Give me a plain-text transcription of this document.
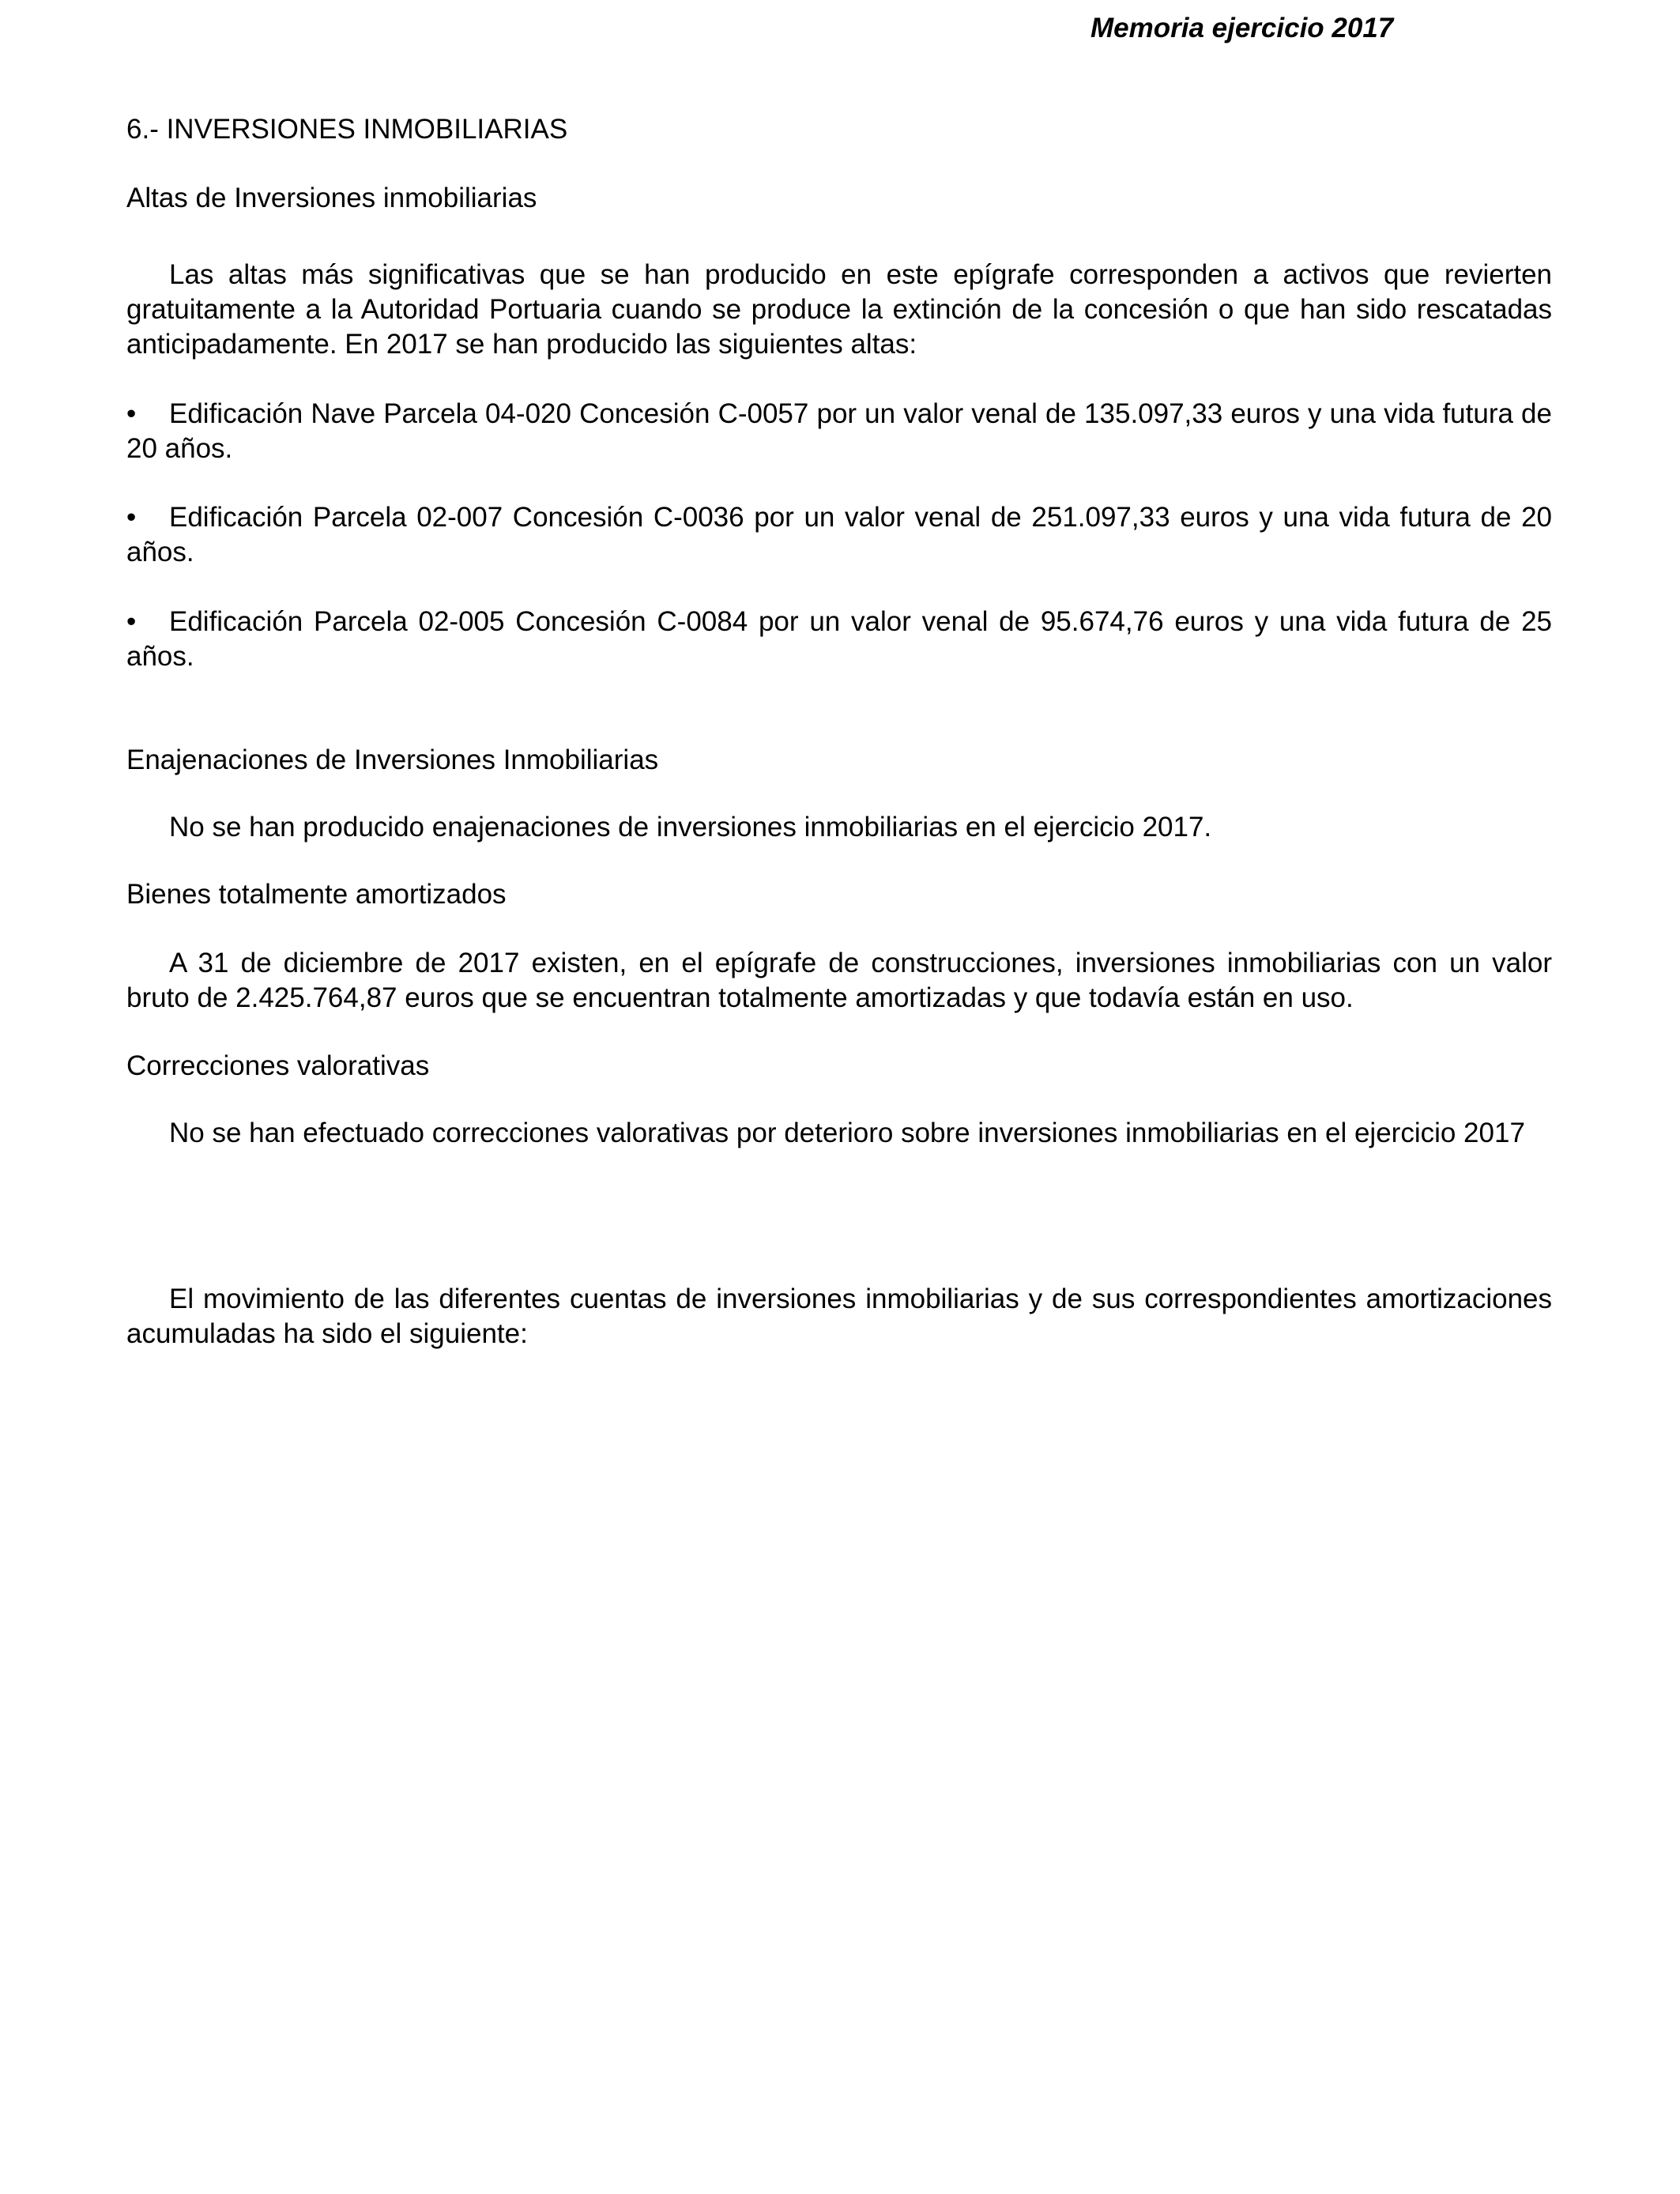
Memoria ejercicio 2017
6.- INVERSIONES INMOBILIARIAS
Altas de Inversiones inmobiliarias
Las altas más significativas que se han producido en este epígrafe corresponden a activos que revierten gratuitamente a la Autoridad Portuaria cuando se produce la extinción de la concesión o que han sido rescatadas anticipadamente. En 2017 se han producido las siguientes altas:
• Edificación Nave Parcela 04-020 Concesión C-0057 por un valor venal de 135.097,33 euros y una vida futura de 20 años.
• Edificación Parcela 02-007 Concesión C-0036 por un valor venal de 251.097,33 euros y una vida futura de 20 años.
• Edificación Parcela 02-005 Concesión C-0084 por un valor venal de 95.674,76 euros y una vida futura de 25 años.
Enajenaciones de Inversiones Inmobiliarias
No se han producido enajenaciones de inversiones inmobiliarias en el ejercicio 2017.
Bienes totalmente amortizados
A 31 de diciembre de 2017 existen, en el epígrafe de construcciones, inversiones inmobiliarias con un valor bruto de 2.425.764,87 euros que se encuentran totalmente amortizadas y que todavía están en uso.
Correcciones valorativas
No se han efectuado correcciones valorativas por deterioro sobre inversiones inmobiliarias en el ejercicio 2017
El movimiento de las diferentes cuentas de inversiones inmobiliarias y de sus correspondientes amortizaciones acumuladas ha sido el siguiente:
